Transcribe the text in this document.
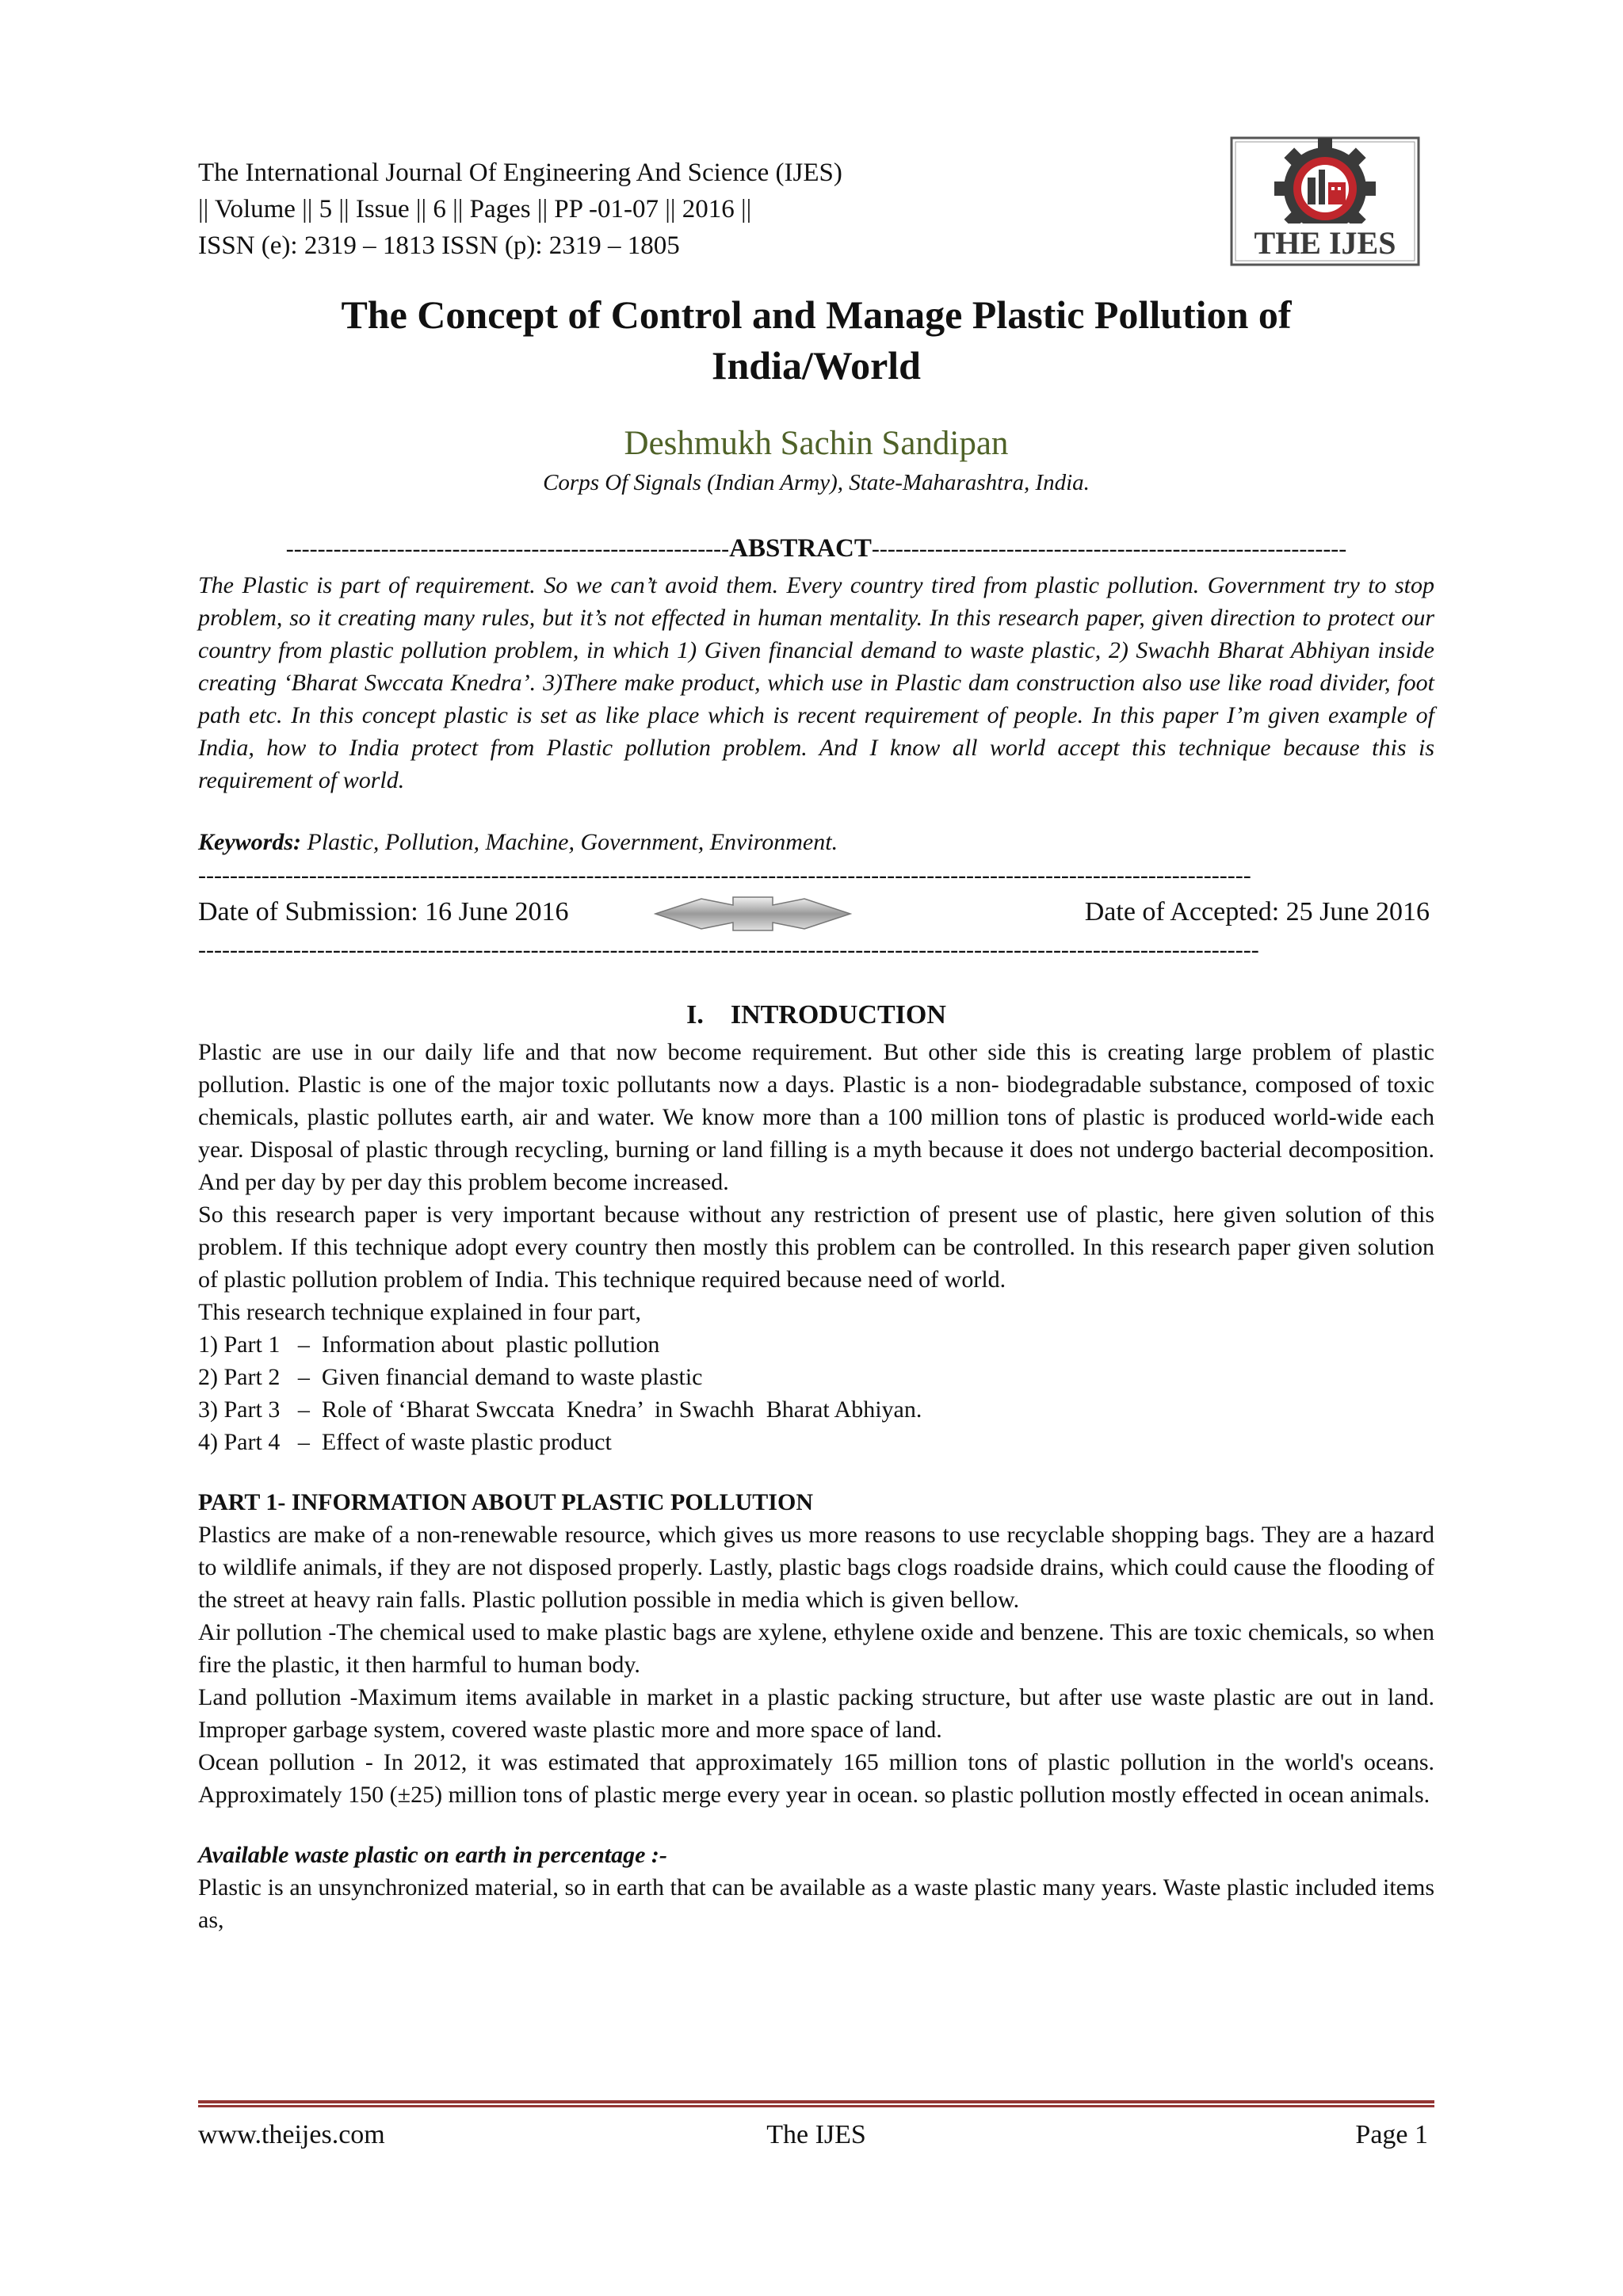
The International Journal Of Engineering And Science (IJES)
|| Volume || 5 || Issue || 6 || Pages || PP -01-07 || 2016 ||
ISSN (e): 2319 – 1813 ISSN (p): 2319 – 1805	THE IJES
The Concept of Control and Manage Plastic Pollution of
India/World
Deshmukh Sachin Sandipan
Corps Of Signals (Indian Army), State-Maharashtra, India.
--------------------------------------------------------ABSTRACT------------------------------------------------------------
The Plastic is part of requirement. So we can’t avoid them. Every country tired from plastic pollution. Government try to stop problem, so it creating many rules, but it’s not effected in human mentality. In this research paper, given direction to protect our country from plastic pollution problem, in which 1) Given financial demand to waste plastic, 2) Swachh Bharat Abhiyan inside creating ‘Bharat Swccata Knedra’. 3)There make product, which use in Plastic dam construction also use like road divider, foot path etc. In this concept plastic is set as like place which is recent requirement of people. In this paper I’m given example of India, how to India protect from Plastic pollution problem. And I know all world accept this technique because this is requirement of world.
Keywords: Plastic, Pollution, Machine, Government, Environment.
-------------------------------------------------------------------------------------------------------------------------------------
Date of Submission: 16 June 2016	Date of Accepted: 25 June 2016
--------------------------------------------------------------------------------------------------------------------------------------
I.    INTRODUCTION

Plastic are use in our daily life and that now become requirement. But other side this is creating large problem of plastic pollution. Plastic is one of the major toxic pollutants now a days. Plastic is a non- biodegradable substance, composed of toxic chemicals, plastic pollutes earth, air and water. We know more than a 100 million tons of plastic is produced world-wide each year. Disposal of plastic through recycling, burning or land filling is a myth because it does not undergo bacterial decomposition. And per day by per day this problem become increased.

So this research paper is very important because without any restriction of present use of plastic, here given solution of this problem. If this technique adopt every country then mostly this problem can be controlled. In this research paper given solution of plastic pollution problem of India. This technique required because need of world.

This research technique explained in four part,

1) Part 1   –  Information about  plastic pollution

2) Part 2   –  Given financial demand to waste plastic

3) Part 3   –  Role of ‘Bharat Swccata  Knedra’  in Swachh  Bharat Abhiyan.

4) Part 4   –  Effect of waste plastic product

PART 1- INFORMATION ABOUT PLASTIC POLLUTION

Plastics are make of a non-renewable resource, which gives us more reasons to use recyclable shopping bags. They are a hazard to wildlife animals, if they are not disposed properly. Lastly, plastic bags clogs roadside drains, which could cause the flooding of the street at heavy rain falls. Plastic pollution possible in media which is given bellow.

Air pollution -The chemical used to make plastic bags are xylene, ethylene oxide and benzene. This are toxic chemicals, so when fire the plastic, it then harmful to human body.

Land pollution -Maximum items available in market in a plastic packing structure, but after use waste plastic are out in land. Improper garbage system, covered waste plastic more and more space of land.

Ocean pollution - In 2012, it was estimated that approximately 165 million tons of plastic pollution in the world's oceans. Approximately 150 (±25) million tons of plastic merge every year in ocean. so plastic pollution mostly effected in ocean animals.

Available waste plastic on earth in percentage :-

Plastic is an unsynchronized material, so in earth that can be available as a waste plastic many years. Waste plastic included items as,

www.theijes.com	The IJES	Page 1
